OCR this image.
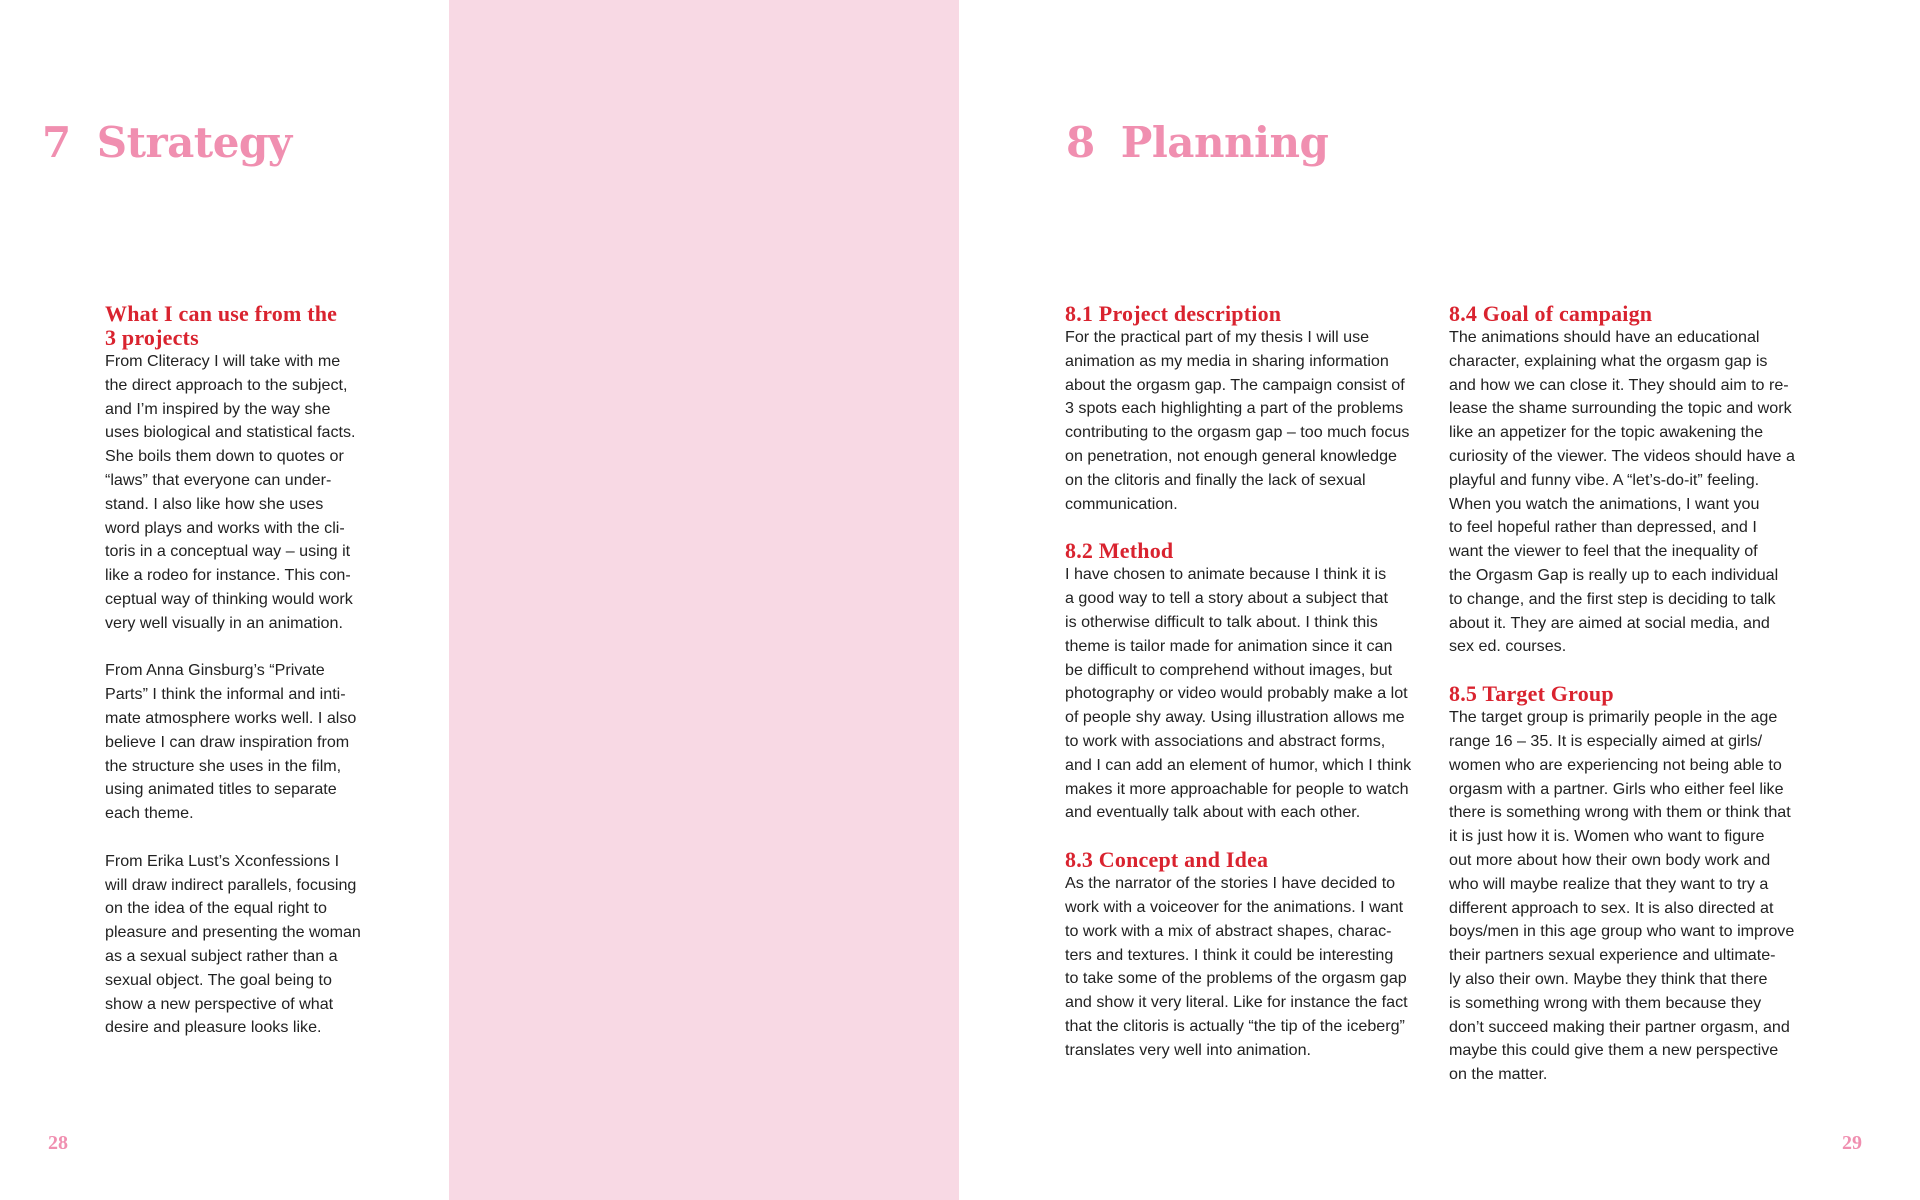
7 Strategy
What I can use from the
3 projects

From Cliteracy I will take with me
the direct approach to the subject,
and I’m inspired by the way she
uses biological and statistical facts.
She boils them down to quotes or
“laws” that everyone can under-
stand. I also like how she uses
word plays and works with the cli-
toris in a conceptual way – using it
like a rodeo for instance. This con-
ceptual way of thinking would work
very well visually in an animation.

From Anna Ginsburg’s “Private
Parts” I think the informal and inti-
mate atmosphere works well. I also
believe I can draw inspiration from
the structure she uses in the film,
using animated titles to separate
each theme.

From Erika Lust’s Xconfessions I
will draw indirect parallels, focusing
on the idea of the equal right to
pleasure and presenting the woman
as a sexual subject rather than a
sexual object. The goal being to
show a new perspective of what
desire and pleasure looks like.

28

8 Planning
8.1 Project description

For the practical part of my thesis I will use
animation as my media in sharing information
about the orgasm gap. The campaign consist of
3 spots each highlighting a part of the problems
contributing to the orgasm gap – too much focus
on penetration, not enough general knowledge
on the clitoris and finally the lack of sexual
communication.

8.2 Method

I have chosen to animate because I think it is
a good way to tell a story about a subject that
is otherwise difficult to talk about. I think this
theme is tailor made for animation since it can
be difficult to comprehend without images, but
photography or video would probably make a lot
of people shy away. Using illustration allows me
to work with associations and abstract forms,
and I can add an element of humor, which I think
makes it more approachable for people to watch
and eventually talk about with each other.

8.3 Concept and Idea

As the narrator of the stories I have decided to
work with a voiceover for the animations. I want
to work with a mix of abstract shapes, charac-
ters and textures. I think it could be interesting
to take some of the problems of the orgasm gap
and show it very literal. Like for instance the fact
that the clitoris is actually “the tip of the iceberg”
translates very well into animation.

8.4 Goal of campaign

The animations should have an educational
character, explaining what the orgasm gap is
and how we can close it. They should aim to re-
lease the shame surrounding the topic and work
like an appetizer for the topic awakening the
curiosity of the viewer. The videos should have a
playful and funny vibe. A “let’s-do-it” feeling.
When you watch the animations, I want you
to feel hopeful rather than depressed, and I
want the viewer to feel that the inequality of
the Orgasm Gap is really up to each individual
to change, and the first step is deciding to talk
about it. They are aimed at social media, and
sex ed. courses.

8.5 Target Group

The target group is primarily people in the age
range 16 – 35. It is especially aimed at girls/
women who are experiencing not being able to
orgasm with a partner. Girls who either feel like
there is something wrong with them or think that
it is just how it is. Women who want to figure
out more about how their own body work and
who will maybe realize that they want to try a
different approach to sex. It is also directed at
boys/men in this age group who want to improve
their partners sexual experience and ultimate-
ly also their own. Maybe they think that there
is something wrong with them because they
don’t succeed making their partner orgasm, and
maybe this could give them a new perspective
on the matter.

29
